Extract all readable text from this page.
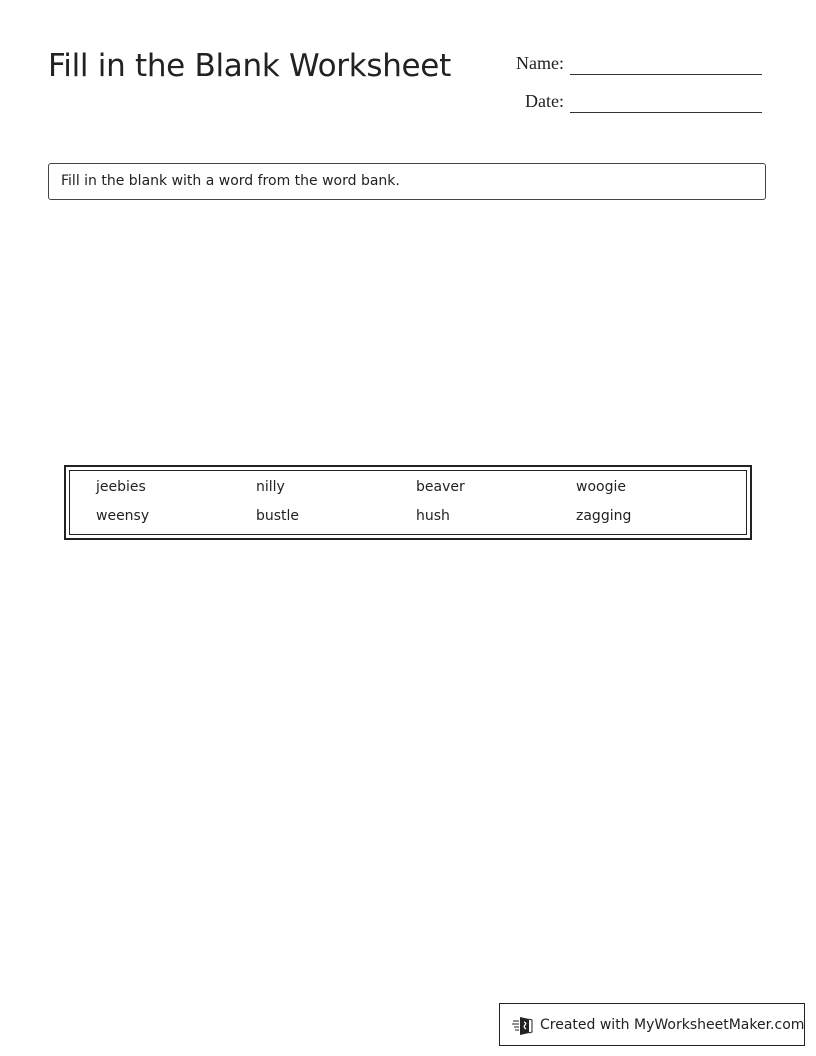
Fill in the Blank Worksheet	Name:
Date:
Fill in the blank with a word from the word bank.
jeebies	nilly	beaver	woogie
weensy	bustle	hush	zagging
Created with MyWorksheetMaker.com
